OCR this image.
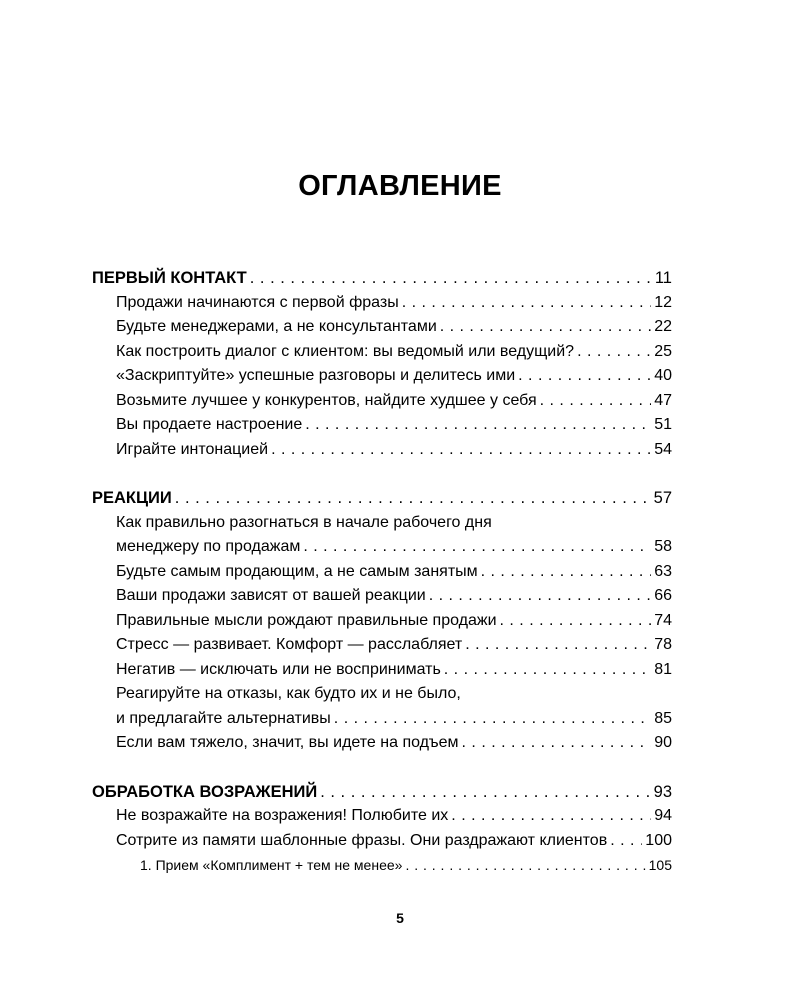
ОГЛАВЛЕНИЕ
ПЕРВЫЙ КОНТАКТ . . .	11
Продажи начинаются с первой фразы . . .	12
Будьте менеджерами, а не консультантами . . .	22
Как построить диалог с клиентом: вы ведомый или ведущий? . . .	25
«Заскриптуйте» успешные разговоры и делитесь ими . . .	40
Возьмите лучшее у конкурентов, найдите худшее у себя . . .	47
Вы продаете настроение . . .	51
Играйте интонацией . . .	54
РЕАКЦИИ . . .	57
Как правильно разогнаться в начале рабочего дня
менеджеру по продажам . . .	58
Будьте самым продающим, а не самым занятым . . .	63
Ваши продажи зависят от вашей реакции . . .	66
Правильные мысли рождают правильные продажи . . .	74
Стресс — развивает. Комфорт — расслабляет . . .	78
Негатив — исключать или не воспринимать . . .	81
Реагируйте на отказы, как будто их и не было,
и предлагайте альтернативы . . .	85
Если вам тяжело, значит, вы идете на подъем . . .	90
ОБРАБОТКА ВОЗРАЖЕНИЙ . . .	93
Не возражайте на возражения! Полюбите их . . .	94
Сотрите из памяти шаблонные фразы. Они раздражают клиентов . . . 100
1. Прием «Комплимент + тем не менее» . . .	105
5
